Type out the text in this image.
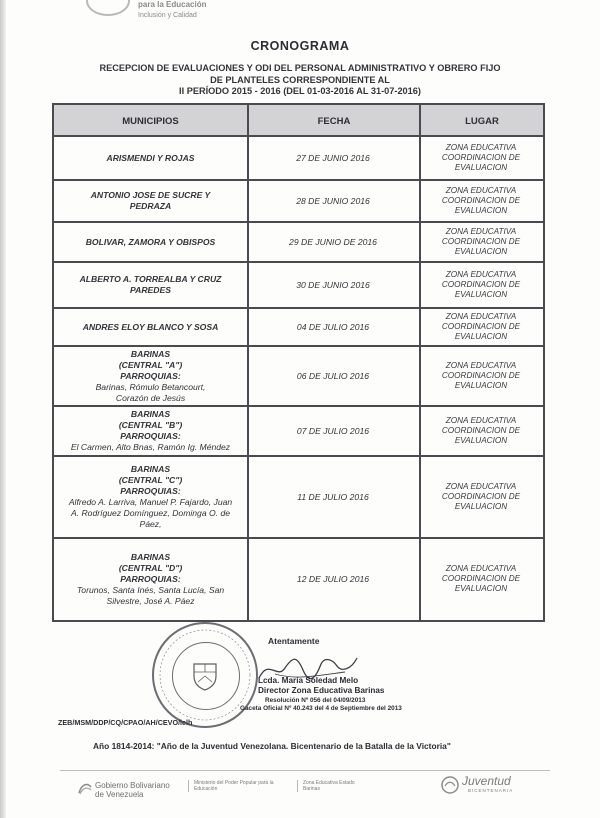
para la Educación
Inclusión y Calidad
CRONOGRAMA
RECEPCION DE EVALUACIONES Y ODI DEL PERSONAL ADMINISTRATIVO Y OBRERO FIJO
DE PLANTELES CORRESPONDIENTE AL
II PERÍODO 2015 - 2016 (DEL 01-03-2016 AL 31-07-2016)
MUNICIPIOS	FECHA	LUGAR
ARISMENDI Y ROJAS	27 DE JUNIO 2016
ZONA EDUCATIVA
COORDINACION DE
EVALUACION
ANTONIO JOSE DE SUCRE Y
PEDRAZA	28 DE JUNIO 2016
ZONA EDUCATIVA
COORDINACION DE
EVALUACION
BOLIVAR, ZAMORA Y OBISPOS	29 DE JUNIO DE 2016
ZONA EDUCATIVA
COORDINACION DE
EVALUACION
ALBERTO A. TORREALBA Y CRUZ
PAREDES	30 DE JUNIO 2016
ZONA EDUCATIVA
COORDINACION DE
EVALUACION
ANDRES ELOY BLANCO Y SOSA	04 DE JULIO 2016
ZONA EDUCATIVA
COORDINACION DE
EVALUACION
BARINAS
(CENTRAL "A")
PARROQUIAS:
Barinas, Rómulo Betancourt,
Corazón de Jesús
06 DE JULIO 2016
ZONA EDUCATIVA
COORDINACION DE
EVALUACION
BARINAS
(CENTRAL "B")
PARROQUIAS:
El Carmen, Alto Bnas, Ramón Ig. Méndez
07 DE JULIO 2016
ZONA EDUCATIVA
COORDINACION DE
EVALUACION
BARINAS
(CENTRAL "C")
PARROQUIAS:
Alfredo A. Larriva, Manuel P. Fajardo, Juan
A. Rodríguez Domínguez, Dominga O. de
Páez,
11 DE JULIO 2016
ZONA EDUCATIVA
COORDINACION DE
EVALUACION
BARINAS
(CENTRAL "D")
PARROQUIAS:
Torunos, Santa Inés, Santa Lucía, San
Silvestre, José A. Páez
12 DE JULIO 2016
ZONA EDUCATIVA
COORDINACION DE
EVALUACION
Atentamente
Lcda. María Soledad Melo
Director Zona Educativa Barinas
Resolución Nº 056 del 04/09/2013
Gaceta Oficial Nº 40.243 del 4 de Septiembre del 2013
ZEB/MSM/DDP/CQ/CPAO/AH/CEVO/lelh
Año 1814-2014: "Año de la Juventud Venezolana. Bicentenario de la Batalla de la Victoria"
Gobierno Bolivariano
de Venezuela
Ministerio del Poder Popular para la Educación
Zona Educativa Estado Barinas
Juventud
BICENTENARIA
